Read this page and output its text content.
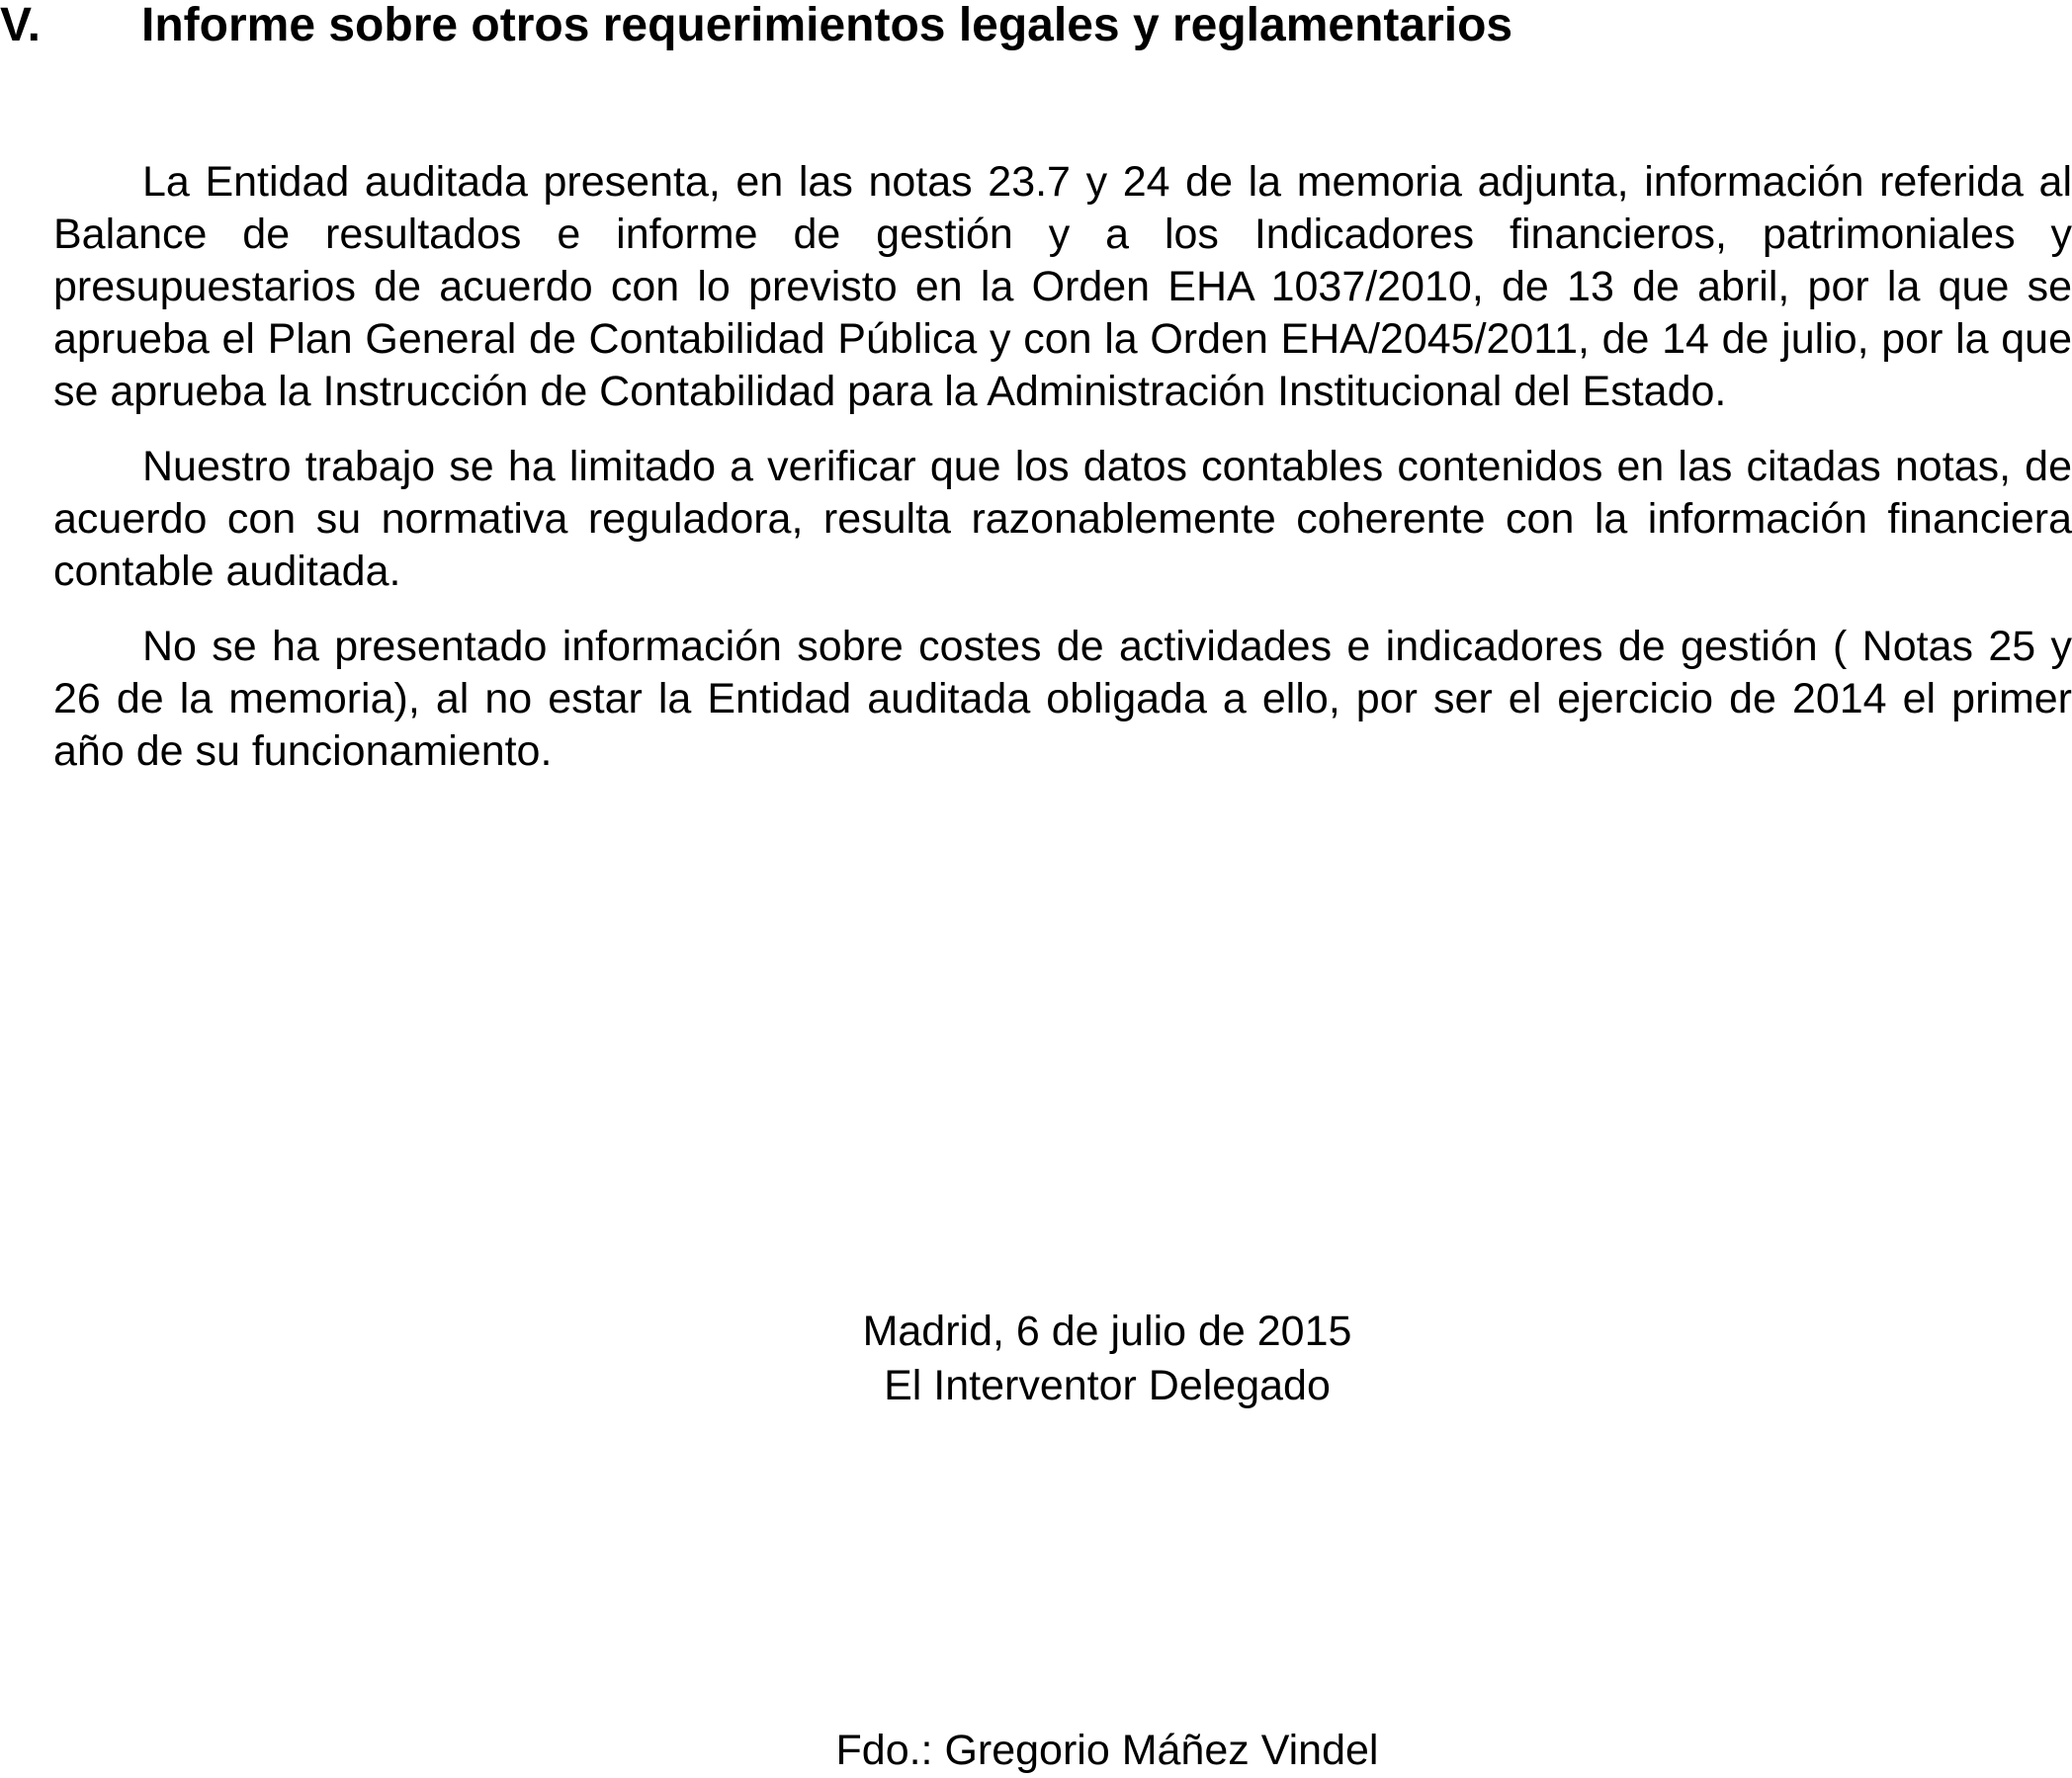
V. Informe sobre otros requerimientos legales y reglamentarios

La Entidad auditada presenta, en las notas 23.7 y 24 de la memoria adjunta, información referida al Balance de resultados e informe de gestión y a los Indicadores financieros, patrimoniales y presupuestarios de acuerdo con lo previsto en la Orden EHA 1037/2010, de 13 de abril, por la que se aprueba el Plan General de Contabilidad Pública y con la Orden EHA/2045/2011, de 14 de julio, por la que se aprueba la Instrucción de Contabilidad para la Administración Institucional del Estado.

Nuestro trabajo se ha limitado a verificar que los datos contables contenidos en las citadas notas, de acuerdo con su normativa reguladora, resulta razonablemente coherente con la información financiera contable auditada.

No se ha presentado información sobre costes de actividades e indicadores de gestión ( Notas 25 y 26 de la memoria), al no estar la Entidad auditada obligada a ello, por ser el ejercicio de 2014 el primer año de su funcionamiento.

Madrid, 6 de julio de 2015
El Interventor Delegado
Fdo.: Gregorio Máñez Vindel
